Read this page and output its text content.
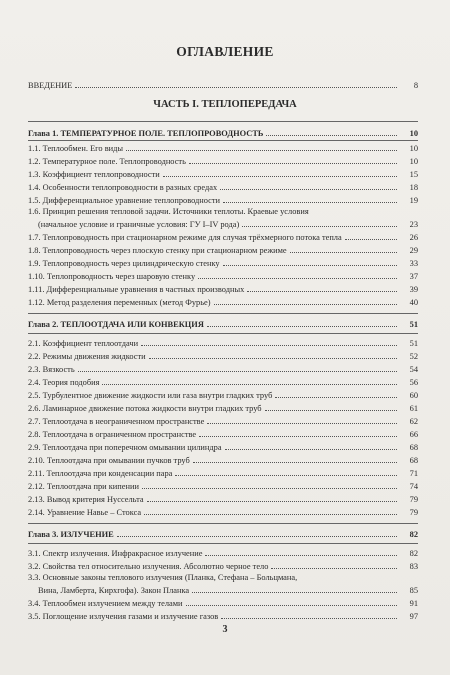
ОГЛАВЛЕНИЕ
ВВЕДЕНИЕ	8
ЧАСТЬ I. ТЕПЛОПЕРЕДАЧА
Глава 1. ТЕМПЕРАТУРНОЕ ПОЛЕ. ТЕПЛОПРОВОДНОСТЬ	10
1.1. Теплообмен. Его виды	10
1.2. Температурное поле. Теплопроводность	10
1.3. Коэффициент теплопроводности	15
1.4. Особенности теплопроводности в разных средах	18
1.5. Дифференциальное уравнение теплопроводности	19
1.6. Принцип решения тепловой задачи. Источники теплоты. Краевые условия
(начальное условие и граничные условия: ГУ I–IV рода)	23
1.7. Теплопроводность при стационарном режиме для случая трёхмерного потока тепла	26
1.8. Теплопроводность через плоскую стенку при стационарном режиме	29
1.9. Теплопроводность через цилиндрическую стенку	33
1.10. Теплопроводность через шаровую стенку	37
1.11. Дифференциальные уравнения в частных производных	39
1.12. Метод разделения переменных (метод Фурье)	40
Глава 2. ТЕПЛООТДАЧА ИЛИ КОНВЕКЦИЯ	51
2.1. Коэффициент теплоотдачи	51
2.2. Режимы движения жидкости	52
2.3. Вязкость	54
2.4. Теория подобия	56
2.5. Турбулентное движение жидкости или газа внутри гладких труб	60
2.6. Ламинарное движение потока жидкости внутри гладких труб	61
2.7. Теплоотдача в неограниченном пространстве	62
2.8. Теплоотдача в ограниченном пространстве	66
2.9. Теплоотдача при поперечном омывании цилиндра	68
2.10. Теплоотдача при омывании пучков труб	68
2.11. Теплоотдача при конденсации пара	71
2.12. Теплоотдача при кипении	74
2.13. Вывод критерия Нуссельта	79
2.14. Уравнение Навье – Стокса	79
Глава 3. ИЗЛУЧЕНИЕ	82
3.1. Спектр излучения. Инфракрасное излучение	82
3.2. Свойства тел относительно излучения. Абсолютно черное тело	83
3.3. Основные законы теплового излучения (Планка, Стефана – Больцмана,
Вина, Ламберта, Кирхгофа). Закон Планка	85
3.4. Теплообмен излучением между телами	91
3.5. Поглощение излучения газами и излучение газов	97
3
